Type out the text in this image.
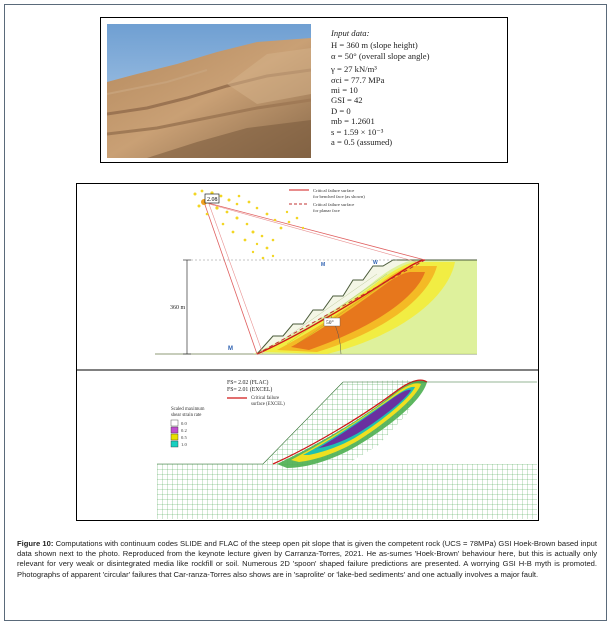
Input data:
H = 360 m (slope height)
α = 50° (overall slope angle)
γ = 27 kN/m³
σci = 77.7 MPa
mi = 10
GSI = 42
D = 0
mb = 1.2601
s = 1.59 × 10⁻³
a = 0.5 (assumed)
2.08
360 m
50°
M
M	W
Critical failure surface
for benched face (as shown)
Critical failure surface
for planar face
FS= 2.02 (FLAC)
FS= 2.01 (EXCEL)
Critical failure
surface (EXCEL)
Scaled maximum
shear strain rate
0.0
0.2
0.5
1.0
Figure 10: Computations with continuum codes SLIDE and FLAC of the steep open pit slope that is given the competent rock (UCS = 78MPa) GSI Hoek-Brown based input data shown next to the photo. Reproduced from the keynote lecture given by Carranza-Torres, 2021. He as-sumes 'Hoek-Brown' behaviour here, but this is actually only relevant for very weak or disintegrated media like rockfill or soil. Numerous 2D 'spoon' shaped failure predictions are presented. A worrying GSI H-B myth is promoted. Photographs of apparent 'circular' failures that Car-ranza-Torres also shows are in 'saprolite' or 'lake-bed sediments' and one actually involves a major fault.
